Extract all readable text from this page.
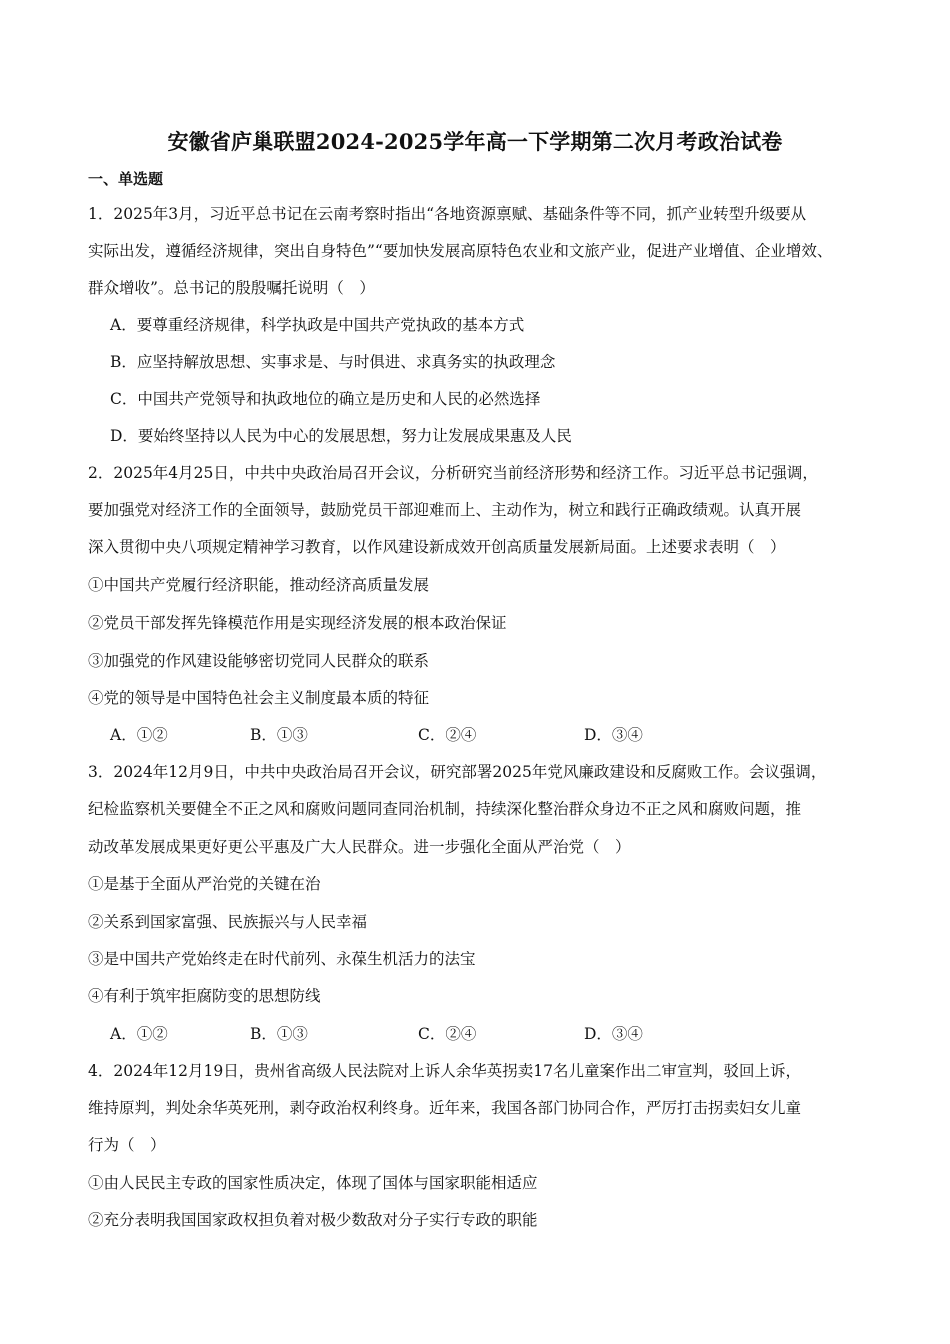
安徽省庐巢联盟2024-2025学年高一下学期第二次月考政治试卷
一、单选题
1．2025年3月，习近平总书记在云南考察时指出“各地资源禀赋、基础条件等不同，抓产业转型升级要从
实际出发，遵循经济规律，突出自身特色”“要加快发展高原特色农业和文旅产业，促进产业增值、企业增效、
群众增收”。总书记的殷殷嘱托说明（　）
A．要尊重经济规律，科学执政是中国共产党执政的基本方式
B．应坚持解放思想、实事求是、与时俱进、求真务实的执政理念
C．中国共产党领导和执政地位的确立是历史和人民的必然选择
D．要始终坚持以人民为中心的发展思想，努力让发展成果惠及人民
2．2025年4月25日，中共中央政治局召开会议，分析研究当前经济形势和经济工作。习近平总书记强调，
要加强党对经济工作的全面领导，鼓励党员干部迎难而上、主动作为，树立和践行正确政绩观。认真开展
深入贯彻中央八项规定精神学习教育，以作风建设新成效开创高质量发展新局面。上述要求表明（　）
①中国共产党履行经济职能，推动经济高质量发展
②党员干部发挥先锋模范作用是实现经济发展的根本政治保证
③加强党的作风建设能够密切党同人民群众的联系
④党的领导是中国特色社会主义制度最本质的特征
A．①②	B．①③	C．②④	D．③④
3．2024年12月9日，中共中央政治局召开会议，研究部署2025年党风廉政建设和反腐败工作。会议强调，
纪检监察机关要健全不正之风和腐败问题同查同治机制，持续深化整治群众身边不正之风和腐败问题，推
动改革发展成果更好更公平惠及广大人民群众。进一步强化全面从严治党（　）
①是基于全面从严治党的关键在治
②关系到国家富强、民族振兴与人民幸福
③是中国共产党始终走在时代前列、永葆生机活力的法宝
④有利于筑牢拒腐防变的思想防线
A．①②	B．①③	C．②④	D．③④
4．2024年12月19日，贵州省高级人民法院对上诉人余华英拐卖17名儿童案作出二审宣判，驳回上诉，
维持原判，判处余华英死刑，剥夺政治权利终身。近年来，我国各部门协同合作，严厉打击拐卖妇女儿童
行为（　）
①由人民民主专政的国家性质决定，体现了国体与国家职能相适应
②充分表明我国国家政权担负着对极少数敌对分子实行专政的职能
